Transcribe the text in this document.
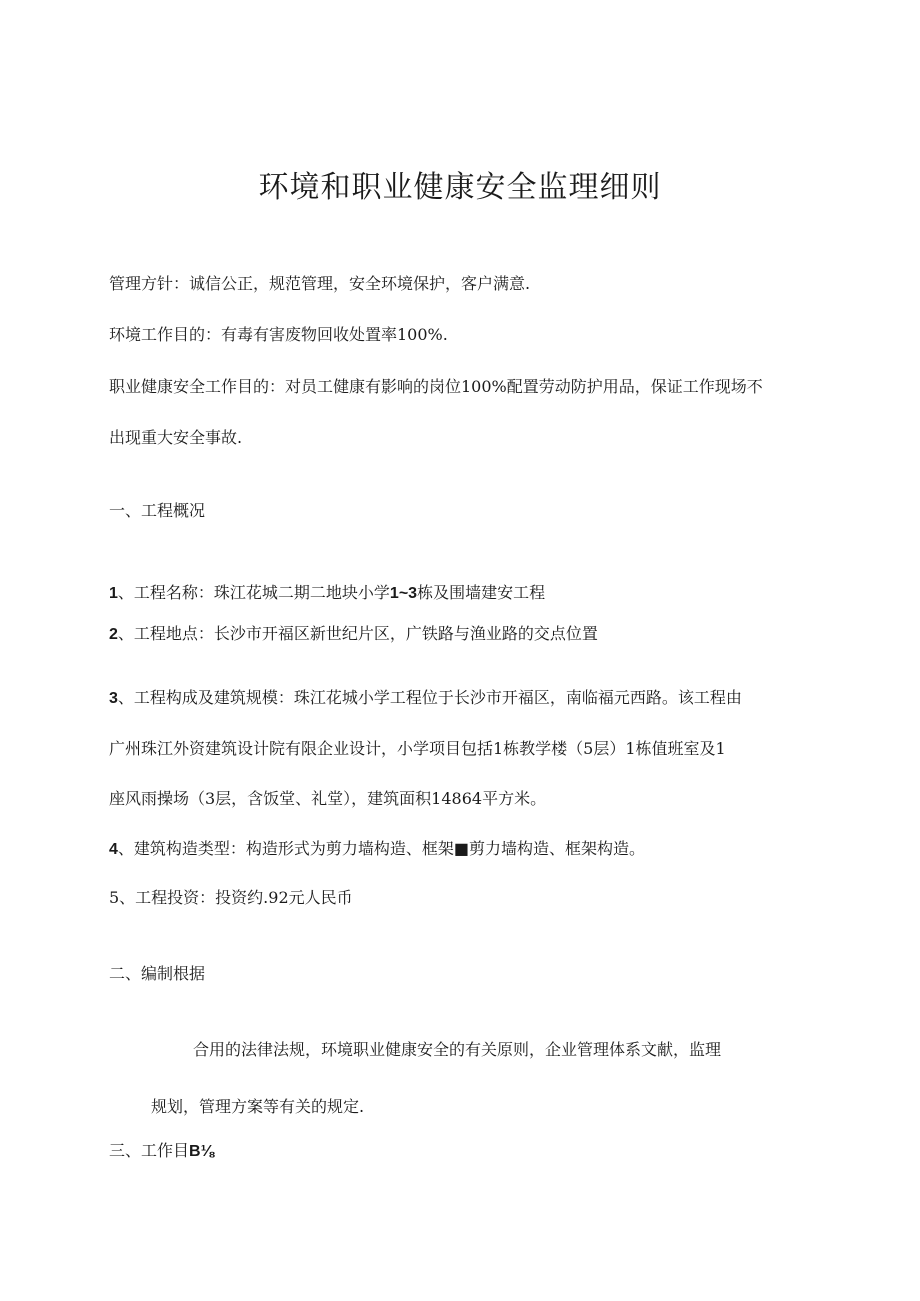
环境和职业健康安全监理细则
管理方针：诚信公正，规范管理，安全环境保护，客户满意.
环境工作目的：有毒有害废物回收处置率100%.
职业健康安全工作目的：对员工健康有影响的岗位100%配置劳动防护用品，保证工作现场不
出现重大安全事故.
一、工程概况
1、工程名称：珠江花城二期二地块小学1~3栋及围墙建安工程
2、工程地点：长沙市开福区新世纪片区，广铁路与渔业路的交点位置
3、工程构成及建筑规模：珠江花城小学工程位于长沙市开福区，南临福元西路。该工程由
广州珠江外资建筑设计院有限企业设计，小学项目包括1栋教学楼（5层）1栋值班室及1
座风雨操场（3层，含饭堂、礼堂），建筑面积14864平方米。
4、建筑构造类型：构造形式为剪力墙构造、框架■剪力墙构造、框架构造。
5、工程投资：投资约.92元人民币
二、编制根据
合用的法律法规，环境职业健康安全的有关原则，企业管理体系文献，监理
规划，管理方案等有关的规定.
三、工作目B⅛
